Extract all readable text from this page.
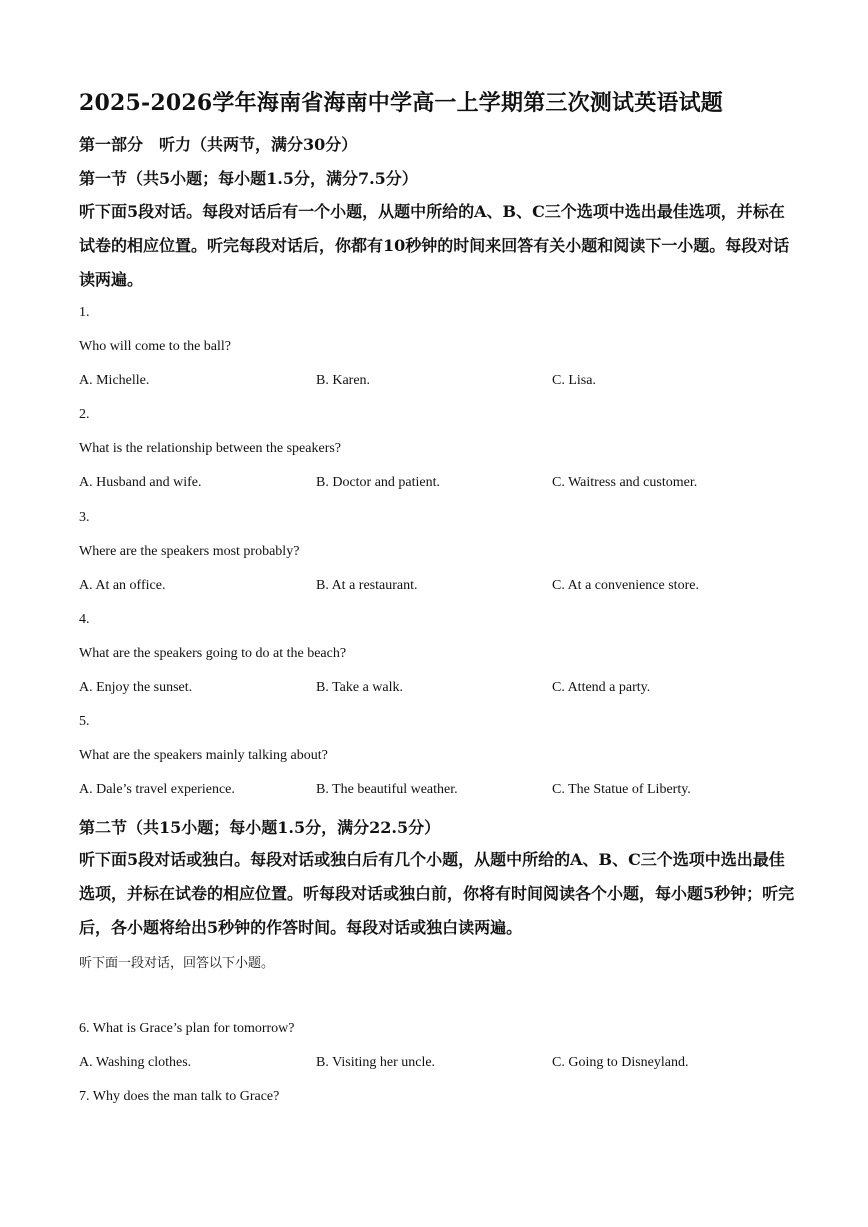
2025-2026学年海南省海南中学高一上学期第三次测试英语试题
第一部分　听力（共两节，满分30分）
第一节（共5小题；每小题1.5分，满分7.5分）
听下面5段对话。每段对话后有一个小题，从题中所给的A、B、C三个选项中选出最佳选项，并标在试卷的相应位置。听完每段对话后，你都有10秒钟的时间来回答有关小题和阅读下一小题。每段对话读两遍。
1.
Who will come to the ball?
A. Michelle.	B. Karen.	C. Lisa.
2.
What is the relationship between the speakers?
A. Husband and wife.	B. Doctor and patient.	C. Waitress and customer.
3.
Where are the speakers most probably?
A. At an office.	B. At a restaurant.	C. At a convenience store.
4.
What are the speakers going to do at the beach?
A. Enjoy the sunset.	B. Take a walk.	C. Attend a party.
5.
What are the speakers mainly talking about?
A. Dale’s travel experience.	B. The beautiful weather.	C. The Statue of Liberty.
第二节（共15小题；每小题1.5分，满分22.5分）
听下面5段对话或独白。每段对话或独白后有几个小题，从题中所给的A、B、C三个选项中选出最佳选项，并标在试卷的相应位置。听每段对话或独白前，你将有时间阅读各个小题，每小题5秒钟；听完后，各小题将给出5秒钟的作答时间。每段对话或独白读两遍。
听下面一段对话，回答以下小题。
6. What is Grace’s plan for tomorrow?
A. Washing clothes.	B. Visiting her uncle.	C. Going to Disneyland.
7. Why does the man talk to Grace?
